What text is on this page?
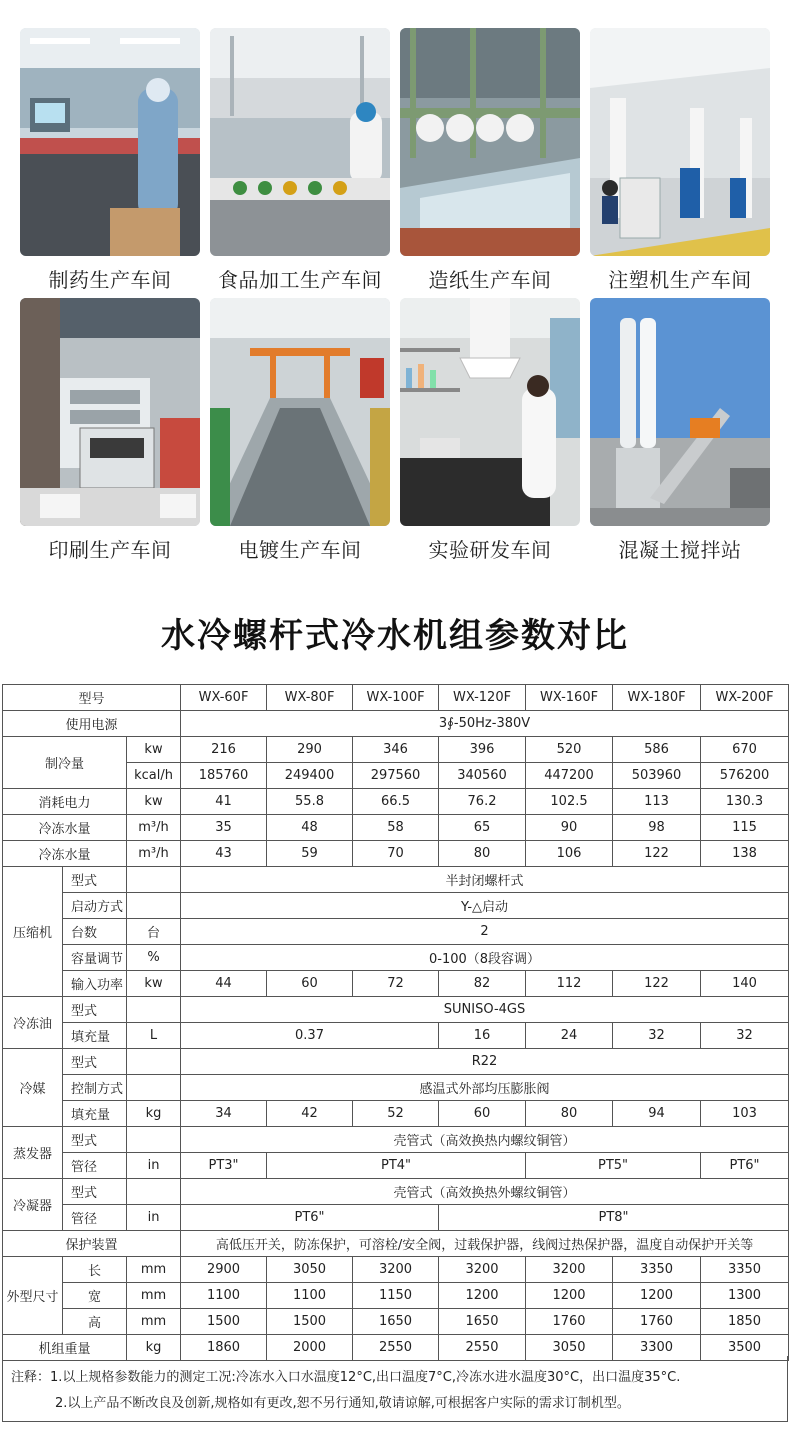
制药生产车间	食品加工生产车间	造纸生产车间	注塑机生产车间
印刷生产车间	电镀生产车间	实验研发车间	混凝土搅拌站
水冷螺杆式冷水机组参数对比
型号			WX-60F	WX-80F	WX-100F	WX-120F	WX-160F	WX-180F	WX-200F
使用电源			3∮-50Hz-380V						
制冷量		kw	216	290	346	396	520	586	670
		kcal/h	185760	249400	297560	340560	447200	503960	576200
消耗电力		kw	41	55.8	66.5	76.2	102.5	113	130.3
冷冻水量		m³/h	35	48	58	65	90	98	115
冷冻水量		m³/h	43	59	70	80	106	122	138
压缩机	型式		半封闭螺杆式						
	启动方式		Y-△启动						
	台数	台	2						
	容量调节	%	0-100（8段容调）						
	输入功率	kw	44	60	72	82	112	122	140
冷冻油	型式		SUNISO-4GS						
	填充量	L	0.37			16	24	32	32
冷媒	型式		R22						
	控制方式		感温式外部均压膨胀阀						
	填充量	kg	34	42	52	60	80	94	103
蒸发器	型式		壳管式（高效换热内螺纹铜管）						
	管径	in	PT3"	PT4"			PT5"		PT6"
冷凝器	型式		壳管式（高效换热外螺纹铜管）						
	管径	in	PT6"			PT8"			
保护装置			高低压开关，防冻保护，可溶栓/安全阀，过载保护器，线阀过热保护器，温度自动保护开关等						
外型尺寸	长	mm	2900	3050	3200	3200	3200	3350	3350
	宽	mm	1100	1100	1150	1200	1200	1200	1300
	高	mm	1500	1500	1650	1650	1760	1760	1850
机组重量		kg	1860	2000	2550	2550	3050	3300	3500
注释：1.以上规格参数能力的测定工况:冷冻水入口水温度12°C,出口温度7°C,冷冻水进水温度30°C，出口温度35°C.
2.以上产品不断改良及创新,规格如有更改,恕不另行通知,敬请谅解,可根据客户实际的需求订制机型。
